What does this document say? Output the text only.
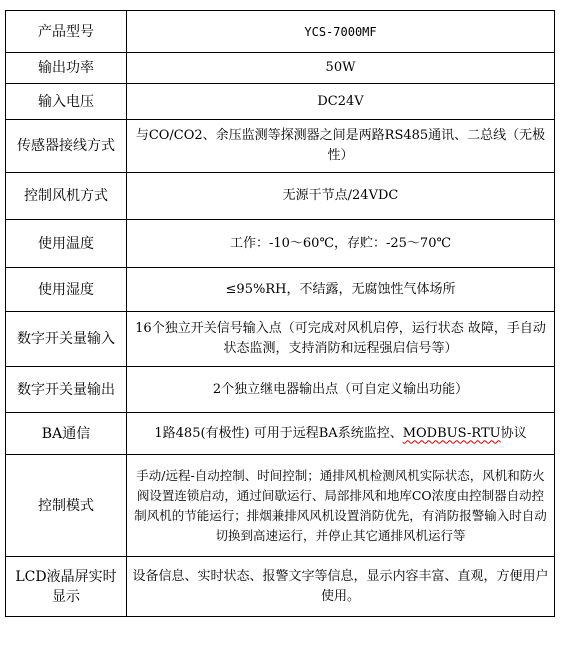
产品型号	YCS-7000MF
输出功率	50W
输入电压	DC24V
传感器接线方式	与CO/CO2、余压监测等探测器之间是两路RS485通讯、二总线（无极性）
控制风机方式	无源干节点/24VDC
使用温度	工作：-10～60℃，存贮：-25～70℃
使用湿度	≤95%RH，不结露，无腐蚀性气体场所
数字开关量输入	16个独立开关信号输入点（可完成对风机启停，运行状态 故障，手自动状态监测，支持消防和远程强启信号等）
数字开关量输出	2个独立继电器输出点（可自定义输出功能）
BA通信	1路485(有极性) 可用于远程BA系统监控、MODBUS-RTU协议
控制模式	手动/远程-自动控制、时间控制；通排风机检测风机实际状态，风机和防火阀设置连锁启动，通过间歇运行、局部排风和地库CO浓度由控制器自动控制风机的节能运行；排烟兼排风风机设置消防优先，有消防报警输入时自动切换到高速运行，并停止其它通排风机运行等
LCD液晶屏实时显示	设备信息、实时状态、报警文字等信息，显示内容丰富、直观，方便用户使用。
